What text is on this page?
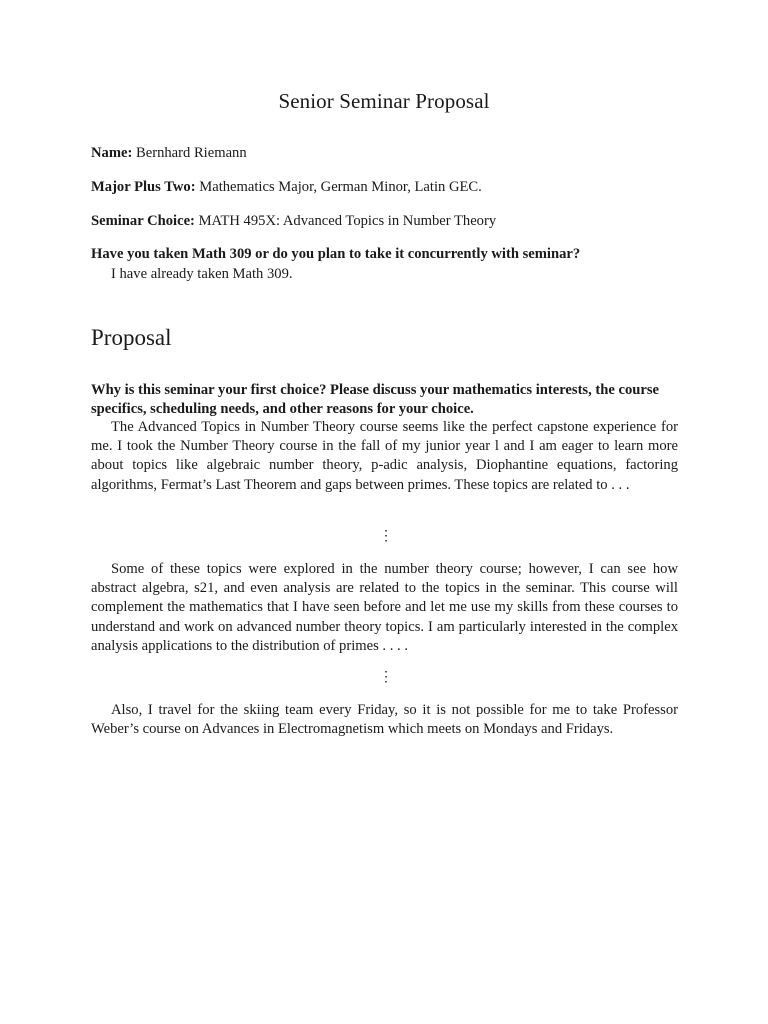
Senior Seminar Proposal
Name: Bernhard Riemann
Major Plus Two: Mathematics Major, German Minor, Latin GEC.
Seminar Choice: MATH 495X: Advanced Topics in Number Theory
Have you taken Math 309 or do you plan to take it concurrently with seminar?
I have already taken Math 309.
Proposal
Why is this seminar your first choice? Please discuss your mathematics interests, the course specifics, scheduling needs, and other reasons for your choice.
The Advanced Topics in Number Theory course seems like the perfect capstone experience for me. I took the Number Theory course in the fall of my junior year l and I am eager to learn more about topics like algebraic number theory, p-adic analysis, Diophantine equations, factoring algorithms, Fermat’s Last Theorem and gaps between primes. These topics are related to . . .
⋮
Some of these topics were explored in the number theory course; however, I can see how abstract algebra, s21, and even analysis are related to the topics in the seminar. This course will complement the mathematics that I have seen before and let me use my skills from these courses to understand and work on advanced number theory topics. I am particularly interested in the complex analysis applications to the distribution of primes . . . .
⋮
Also, I travel for the skiing team every Friday, so it is not possible for me to take Professor Weber’s course on Advances in Electromagnetism which meets on Mondays and Fridays.
